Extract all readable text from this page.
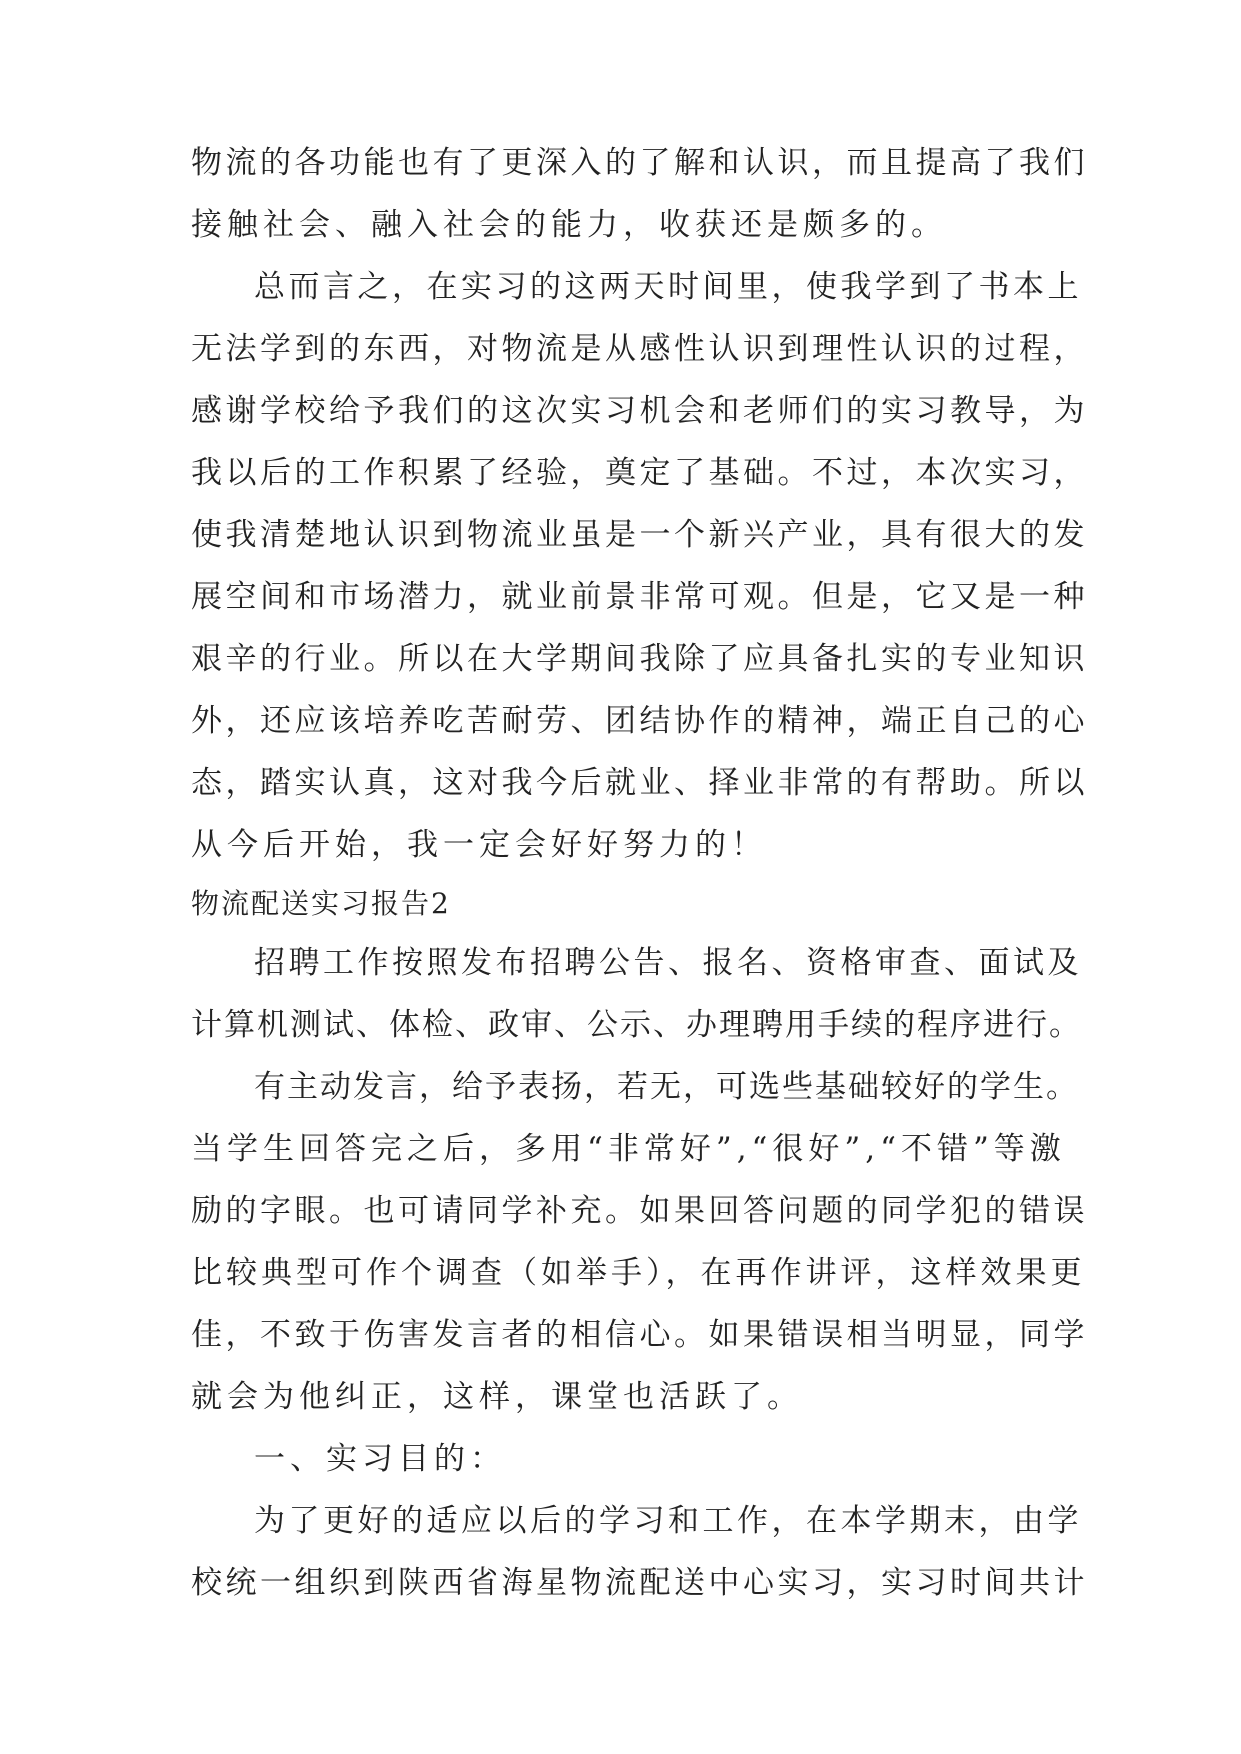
物流的各功能也有了更深入的了解和认识，而且提高了我们
接触社会、融入社会的能力，收获还是颇多的。
总而言之，在实习的这两天时间里，使我学到了书本上
无法学到的东西，对物流是从感性认识到理性认识的过程，
感谢学校给予我们的这次实习机会和老师们的实习教导，为
我以后的工作积累了经验，奠定了基础。不过，本次实习，
使我清楚地认识到物流业虽是一个新兴产业，具有很大的发
展空间和市场潜力，就业前景非常可观。但是，它又是一种
艰辛的行业。所以在大学期间我除了应具备扎实的专业知识
外，还应该培养吃苦耐劳、团结协作的精神，端正自己的心
态，踏实认真，这对我今后就业、择业非常的有帮助。所以
从今后开始，我一定会好好努力的！
物流配送实习报告2
招聘工作按照发布招聘公告、报名、资格审查、面试及
计算机测试、体检、政审、公示、办理聘用手续的程序进行。
有主动发言，给予表扬，若无，可选些基础较好的学生。
当学生回答完之后，多用“非常好”,“很好”,“不错”等激
励的字眼。也可请同学补充。如果回答问题的同学犯的错误
比较典型可作个调查（如举手），在再作讲评，这样效果更
佳，不致于伤害发言者的相信心。如果错误相当明显，同学
就会为他纠正，这样，课堂也活跃了。
一、实习目的：
为了更好的适应以后的学习和工作，在本学期末，由学
校统一组织到陕西省海星物流配送中心实习，实习时间共计
